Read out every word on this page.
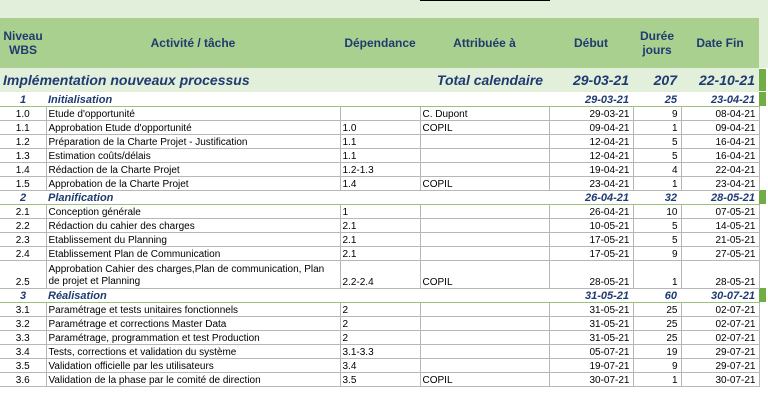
Niveau WBS	Activité / tâche	Dépendance	Attribuée à	Début	Durée jours	Date Fin	
Implémentation nouveaux processus			Total calendaire	29-03-21	207	22-10-21	

1	Initialisation			29-03-21	25	23-04-21	

1.0	Etude d'opportunité		C. Dupont	29-03-21	9	08-04-21	
1.1	Approbation Etude d'opportunité	1.0	COPIL	09-04-21	1	09-04-21	
1.2	Préparation de la Charte Projet - Justification	1.1		12-04-21	5	16-04-21	
1.3	Estimation coûts/délais	1.1		12-04-21	5	16-04-21	
1.4	Rédaction de la Charte Projet	1.2-1.3		19-04-21	4	22-04-21	
1.5	Approbation de la Charte Projet	1.4	COPIL	23-04-21	1	23-04-21	
2	Planification			26-04-21	32	28-05-21	

2.1	Conception générale	1		26-04-21	10	07-05-21	
2.2	Rédaction du cahier des charges	2.1		10-05-21	5	14-05-21	
2.3	Etablissement du Planning	2.1		17-05-21	5	21-05-21	
2.4	Etablissement Plan de Communication	2.1		17-05-21	9	27-05-21	
2.5	Approbation Cahier des charges,Plan de communication, Plan de projet et Planning	2.2-2.4	COPIL	28-05-21	1	28-05-21	
3	Réalisation			31-05-21	60	30-07-21	

3.1	Paramétrage et tests unitaires fonctionnels	2		31-05-21	25	02-07-21	
3.2	Paramétrage et corrections Master Data	2		31-05-21	25	02-07-21	
3.3	Paramétrage, programmation et test Production	2		31-05-21	25	02-07-21	
3.4	Tests, corrections et validation du système	3.1-3.3		05-07-21	19	29-07-21	
3.5	Validation officielle par les utilisateurs	3.4		19-07-21	9	29-07-21	
3.6	Validation de la phase par le comité de direction	3.5	COPIL	30-07-21	1	30-07-21	
